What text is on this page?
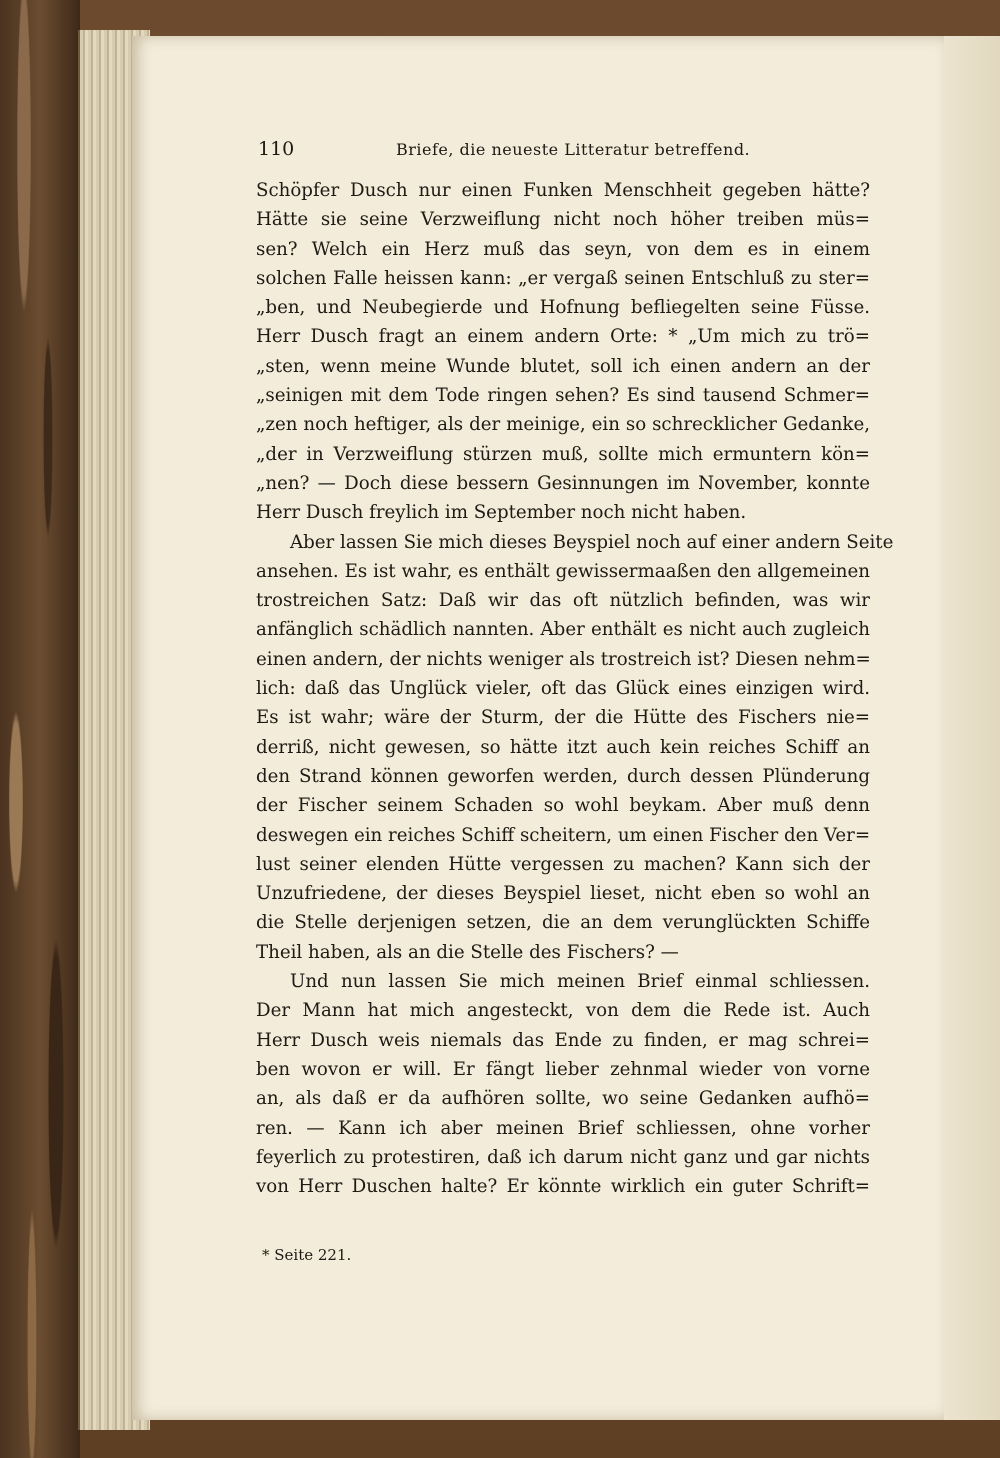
110	Briefe, die neueste Litteratur betreffend.
Schöpfer Dusch nur einen Funken Menschheit gegeben hätte?
Hätte sie seine Verzweiflung nicht noch höher treiben müs=
sen? Welch ein Herz muß das seyn, von dem es in einem
solchen Falle heissen kann: „er vergaß seinen Entschluß zu ster=
„ben, und Neubegierde und Hofnung befliegelten seine Füsse.
Herr Dusch fragt an einem andern Orte: * „Um mich zu trö=
„sten, wenn meine Wunde blutet, soll ich einen andern an der
„seinigen mit dem Tode ringen sehen? Es sind tausend Schmer=
„zen noch heftiger, als der meinige, ein so schrecklicher Gedanke,
„der in Verzweiflung stürzen muß, sollte mich ermuntern kön=
„nen? — Doch diese bessern Gesinnungen im November, konnte
Herr Dusch freylich im September noch nicht haben.
Aber lassen Sie mich dieses Beyspiel noch auf einer andern Seite
ansehen. Es ist wahr, es enthält gewissermaaßen den allgemeinen
trostreichen Satz: Daß wir das oft nützlich befinden, was wir
anfänglich schädlich nannten. Aber enthält es nicht auch zugleich
einen andern, der nichts weniger als trostreich ist? Diesen nehm=
lich: daß das Unglück vieler, oft das Glück eines einzigen wird.
Es ist wahr; wäre der Sturm, der die Hütte des Fischers nie=
derriß, nicht gewesen, so hätte itzt auch kein reiches Schiff an
den Strand können geworfen werden, durch dessen Plünderung
der Fischer seinem Schaden so wohl beykam. Aber muß denn
deswegen ein reiches Schiff scheitern, um einen Fischer den Ver=
lust seiner elenden Hütte vergessen zu machen? Kann sich der
Unzufriedene, der dieses Beyspiel lieset, nicht eben so wohl an
die Stelle derjenigen setzen, die an dem verunglückten Schiffe
Theil haben, als an die Stelle des Fischers? —
Und nun lassen Sie mich meinen Brief einmal schliessen.
Der Mann hat mich angesteckt, von dem die Rede ist. Auch
Herr Dusch weis niemals das Ende zu finden, er mag schrei=
ben wovon er will. Er fängt lieber zehnmal wieder von vorne
an, als daß er da aufhören sollte, wo seine Gedanken aufhö=
ren. — Kann ich aber meinen Brief schliessen, ohne vorher
feyerlich zu protestiren, daß ich darum nicht ganz und gar nichts
von Herr Duschen halte? Er könnte wirklich ein guter Schrift=
* Seite 221.
